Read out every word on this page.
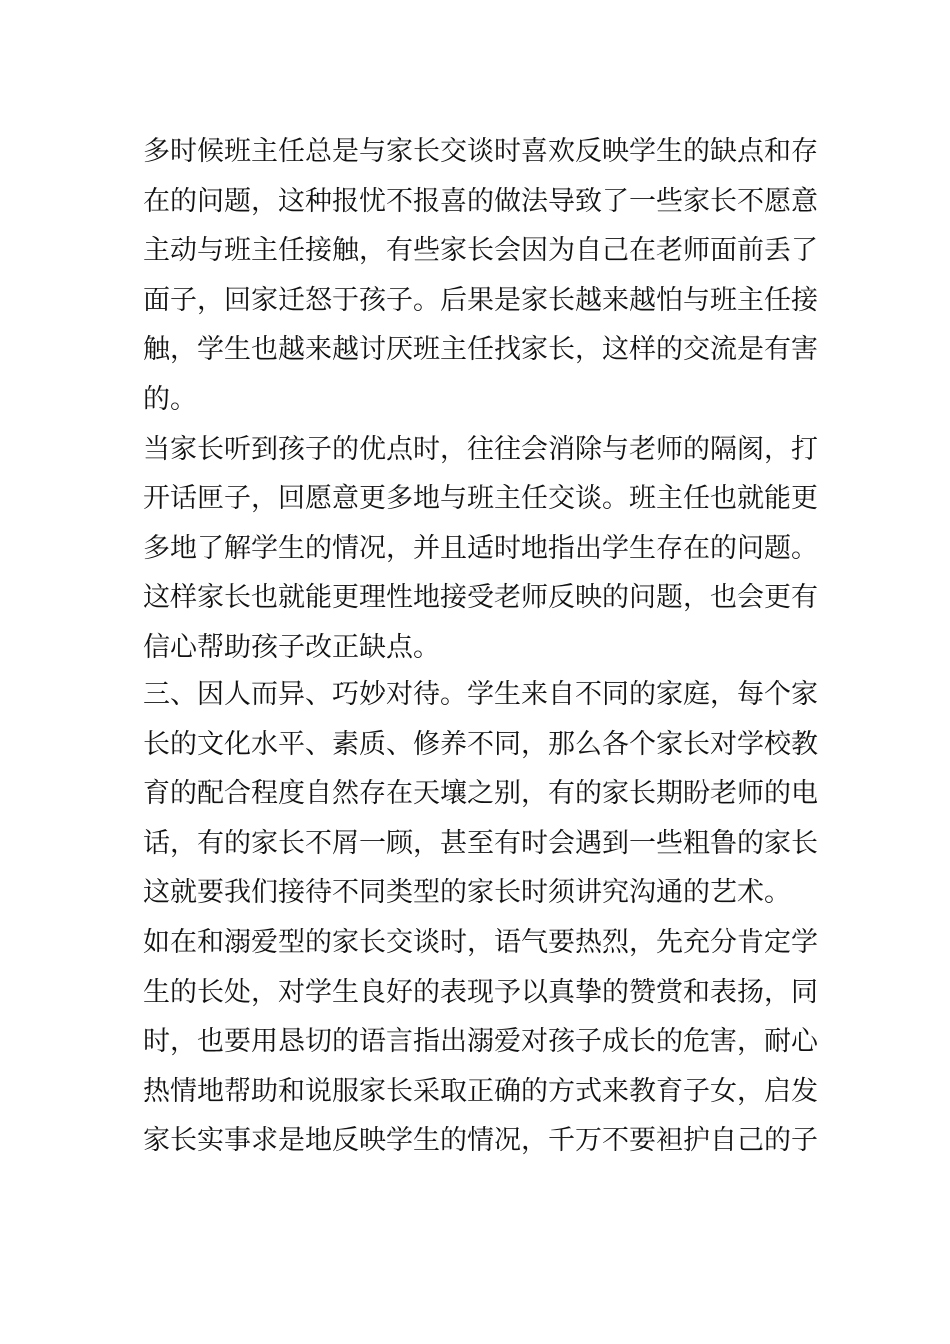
多时候班主任总是与家长交谈时喜欢反映学生的缺点和存
在的问题，这种报忧不报喜的做法导致了一些家长不愿意
主动与班主任接触，有些家长会因为自己在老师面前丢了
面子，回家迁怒于孩子。后果是家长越来越怕与班主任接
触，学生也越来越讨厌班主任找家长，这样的交流是有害
的。
当家长听到孩子的优点时，往往会消除与老师的隔阂，打
开话匣子，回愿意更多地与班主任交谈。班主任也就能更
多地了解学生的情况，并且适时地指出学生存在的问题。
这样家长也就能更理性地接受老师反映的问题，也会更有
信心帮助孩子改正缺点。
三、因人而异、巧妙对待。学生来自不同的家庭，每个家
长的文化水平、素质、修养不同，那么各个家长对学校教
育的配合程度自然存在天壤之别，有的家长期盼老师的电
话，有的家长不屑一顾，甚至有时会遇到一些粗鲁的家长
这就要我们接待不同类型的家长时须讲究沟通的艺术。
如在和溺爱型的家长交谈时，语气要热烈，先充分肯定学
生的长处，对学生良好的表现予以真挚的赞赏和表扬，同
时，也要用恳切的语言指出溺爱对孩子成长的危害，耐心
热情地帮助和说服家长采取正确的方式来教育子女，启发
家长实事求是地反映学生的情况，千万不要袒护自己的子
